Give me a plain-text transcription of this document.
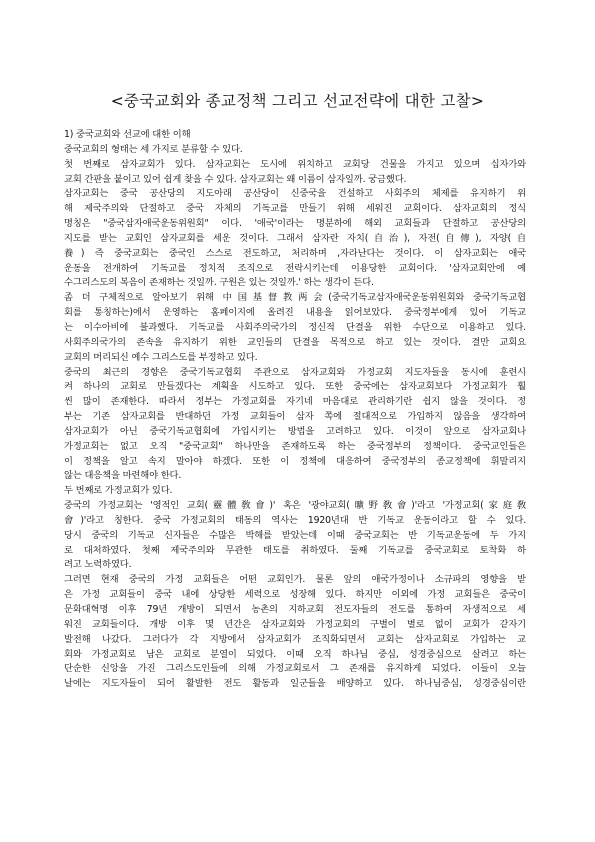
<중국교회와 종교정책 그리고 선교전략에 대한 고찰>
1) 중국교회와 선교에 대한 이해
중국교회의 형태는 세 가지로 분류할 수 있다.
첫 번째로 삼자교회가 있다. 삼자교회는 도시에 위치하고 교회당 건물을 가지고 있으며 십자가와
교회 간판을 붙이고 있어 쉽게 찾을 수 있다. 삼자교회는 왜 이름이 삼자일까. 궁금했다.
삼자교회는 중국 공산당의 지도아래 공산당이 신중국을 건설하고 사회주의 체제를 유지하기 위
해 제국주의와 단절하고 중국 자체의 기독교를 만들기 위해 세워진 교회이다. 삼자교회의 정식
명칭은 "중국삼자애국운동위원회" 이다. '애국'이라는 명분하에 해외 교회들과 단절하고 공산당의
지도를 받는 교회인 삼자교회를 세운 것이다. 그래서 삼자란 자치(自治), 자전(自傳), 자양(自
養) 즉 중국교회는 중국인 스스로 전도하고, 처리하며 ,자라난다는 것이다. 이 삼자교회는 애국
운동을 전개하여 기독교를 정치적 조직으로 전락시키는데 이용당한 교회이다. '삼자교회안에 예
수그리스도의 복음이 존재하는 것일까. 구원은 있는 것일까.' 하는 생각이 든다.
좀 더 구체적으로 알아보기 위해 中国基督教两会(중국기독교삼자애국운동위원회와 중국기독교협
회를 통칭하는)에서 운영하는 홈페이지에 올려진 내용을 읽어보았다. 중국정부에게 있어 기독교
는 이수아비에 불과했다. 기독교를 사회주의국가의 정신적 단결을 위한 수단으로 이용하고 있다.
사회주의국가의 존속을 유지하기 위한 교인들의 단결을 목적으로 하고 있는 것이다. 결만 교회요
교회의 머리되신 예수 그리스도를 부정하고 있다.
중국의 최근의 경향은 중국기독교협회 주관으로 삼자교회와 가정교회 지도자들을 동시에 훈련시
켜 하나의 교회로 만들겠다는 계획을 시도하고 있다. 또한 중국에는 삼자교회보다 가정교회가 훨
씬 많이 존재한다. 따라서 정부는 가정교회를 자기네 마음대로 관리하기란 쉽지 않을 것이다. 정
부는 기존 삼자교회를 반대하던 가정 교회들이 삼자 쪽에 절대적으로 가입하지 않음을 생각하여
삼자교회가 아닌 중국기독교협회에 가입시키는 방법을 고려하고 있다. 이것이 앞으로 삼자교회나
가정교회는 없고 오직 "중국교회" 하나만을 존재하도록 하는 중국정부의 정책이다. 중국교인들은
이 정책을 알고 속지 말아야 하겠다. 또한 이 정책에 대응하여 중국정부의 종교정책에 휘말리지
않는 대응책을 마련해야 한다.
두 번째로 가정교회가 있다.
중국의 가정교회는 '영적인 교회(靈體敎會)' 혹은 '광야교회(曠野敎會)'라고 '가정교회(家庭敎
會)'라고 칭한다. 중국 가정교회의 태동의 역사는 1920년대 반 기독교 운동이라고 할 수 있다.
당시 중국의 기독교 신자들은 수많은 박해를 받았는데 이때 중국교회는 반 기독교운동에 두 가지
로 대처하였다. 첫째 제국주의와 무관한 태도를 취하였다. 둘째 기독교를 중국교회로 토착화 하
려고 노력하였다.
그러면 현재 중국의 가정 교회들은 어떤 교회인가. 물론 앞의 애국가정이나 소규파의 영향을 받
은 가정 교회들이 중국 내에 상당한 세력으로 성장해 있다. 하지만 이외에 가정 교회들은 중국이
문화대혁명 이후 79년 개방이 되면서 농촌의 지하교회 전도자들의 전도를 통하여 자생적으로 세
워진 교회들이다. 개방 이후 몇 년간은 삼자교회와 가정교회의 구별이 별로 없이 교회가 같자기
발전해 나갔다. 그러다가 각 지방에서 삼자교회가 조직화되면서 교회는 삼자교회로 가입하는 교
회와 가정교회로 남은 교회로 분열이 되었다. 이때 오직 하나님 중심, 성경중심으로 살려고 하는
단순한 신앙을 가진 그리스도인들에 의해 가정교회로서 그 존재를 유지하게 되었다. 이들이 오늘
날에는 지도자들이 되어 활발한 전도 활동과 일군들을 배양하고 있다. 하나님중심, 성경중심이란
